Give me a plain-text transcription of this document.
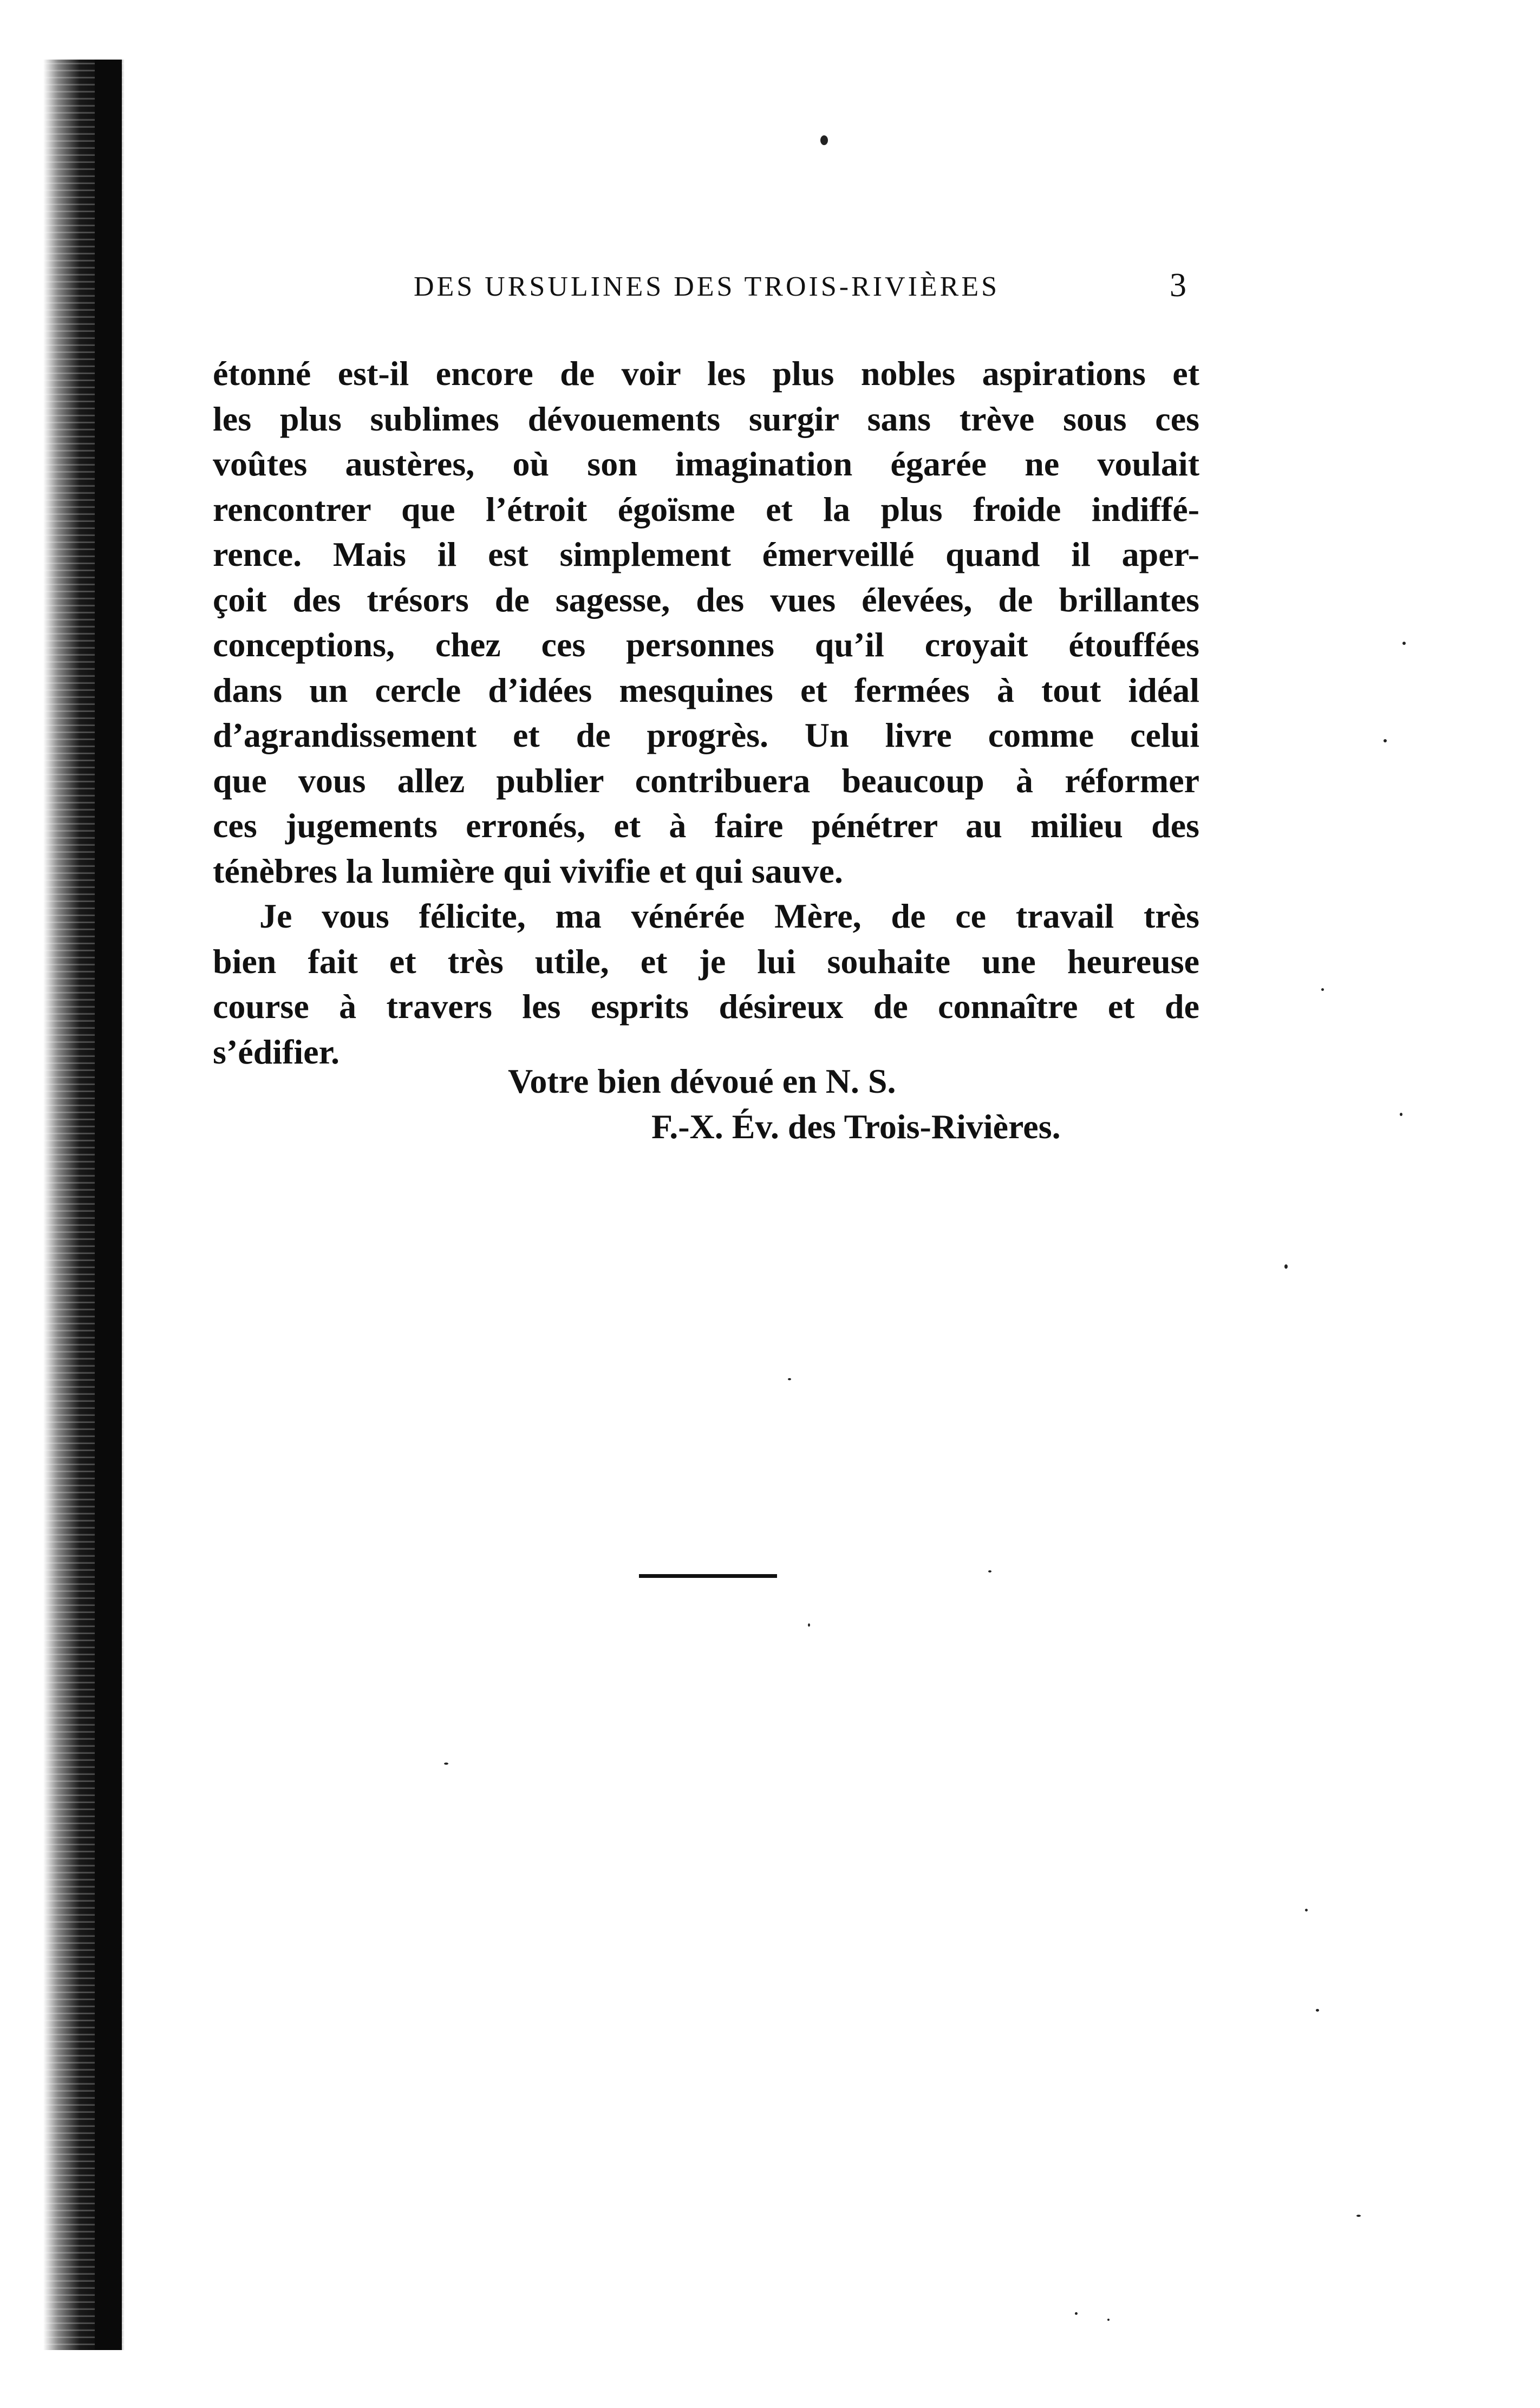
DES URSULINES DES TROIS-RIVIÈRES	3
étonné est-il encore de voir les plus nobles aspirations et
les plus sublimes dévouements surgir sans trève sous ces
voûtes austères, où son imagination égarée ne voulait
rencontrer que l’étroit égoïsme et la plus froide indiffé-
rence. Mais il est simplement émerveillé quand il aper-
çoit des trésors de sagesse, des vues élevées, de brillantes
conceptions, chez ces personnes qu’il croyait étouffées
dans un cercle d’idées mesquines et fermées à tout idéal
d’agrandissement et de progrès. Un livre comme celui
que vous allez publier contribuera beaucoup à réformer
ces jugements erronés, et à faire pénétrer au milieu des
ténèbres la lumière qui vivifie et qui sauve.
Je vous félicite, ma vénérée Mère, de ce travail très
bien fait et très utile, et je lui souhaite une heureuse
course à travers les esprits désireux de connaître et de
s’édifier.
Votre bien dévoué en N. S.
F.-X. Év. des Trois-Rivières.
